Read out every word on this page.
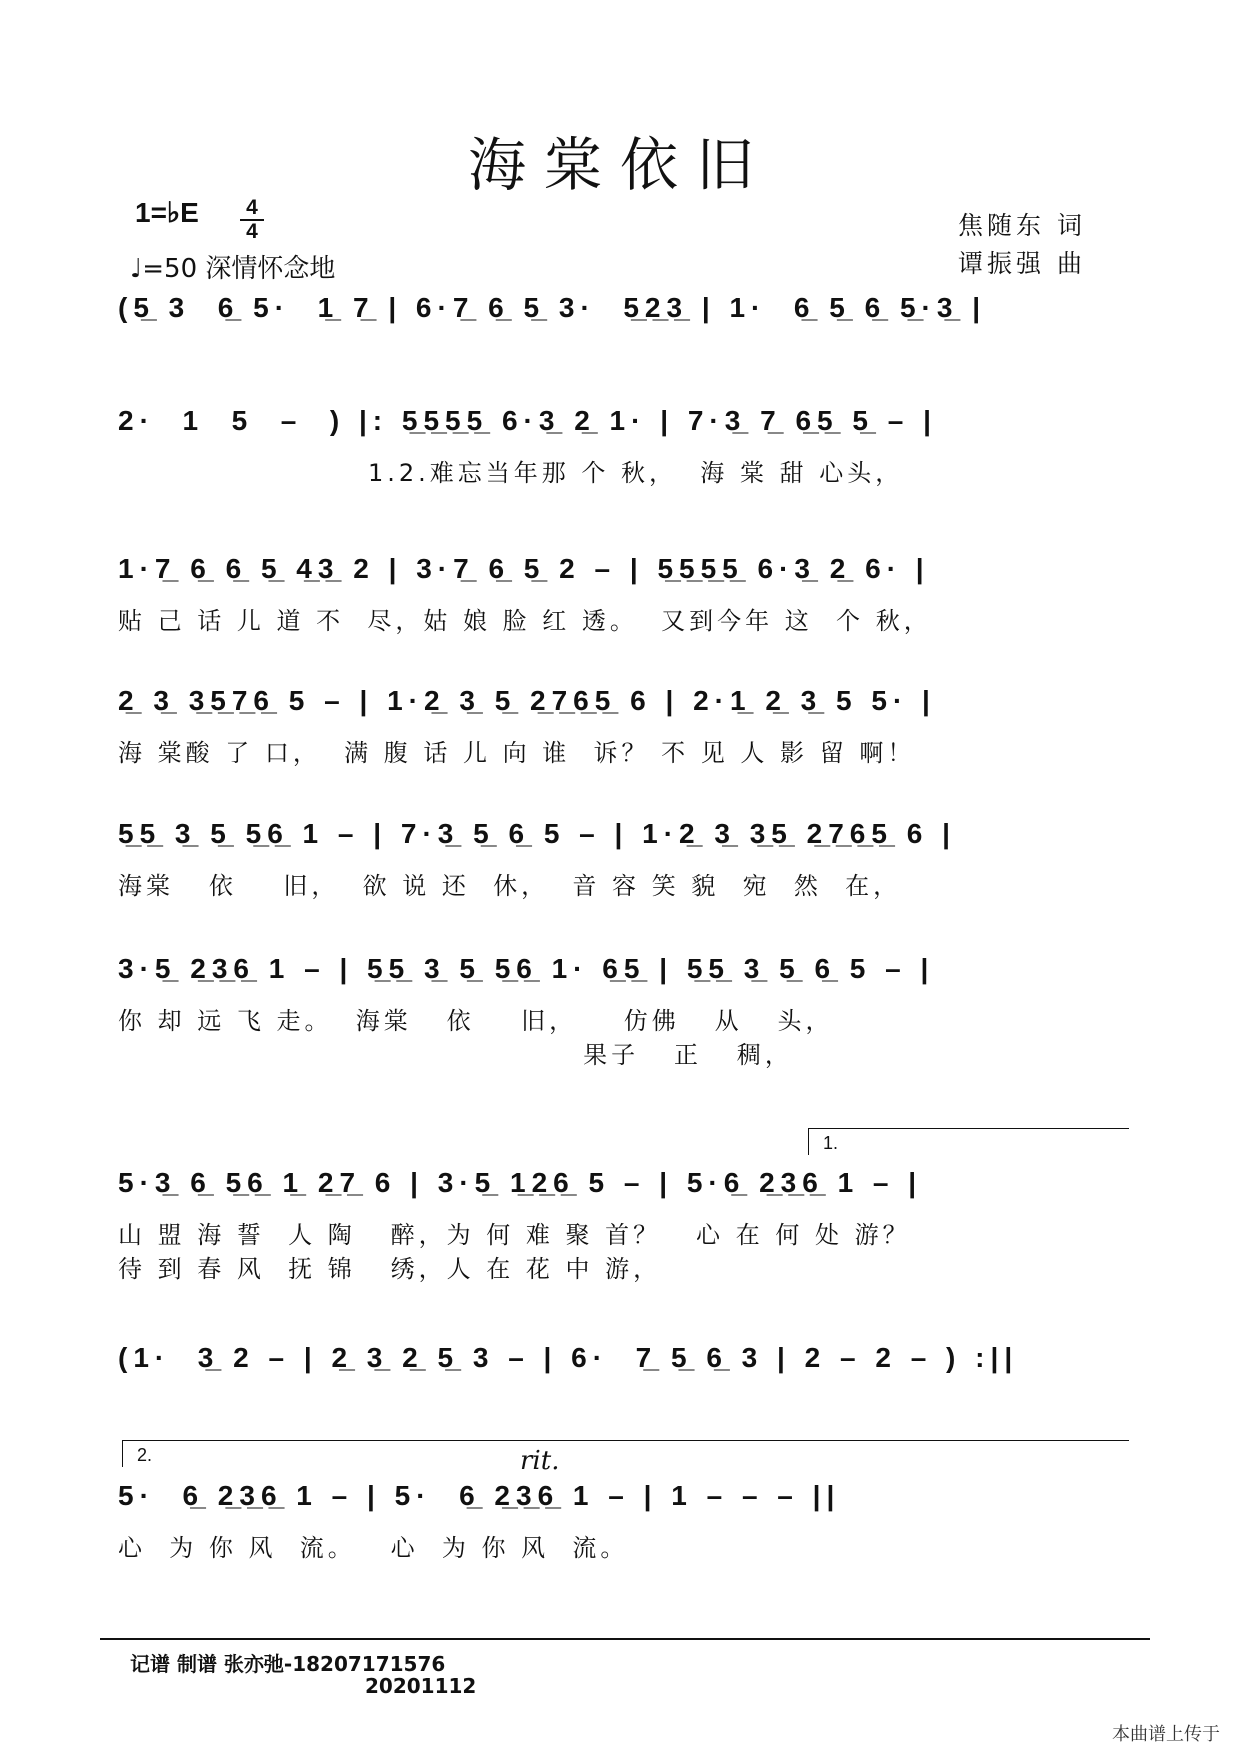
海棠依旧
1=♭E 4
4
♩=50 深情怀念地
焦随东 词
谭振强 曲
(5̲ 3  6̲ 5·  1̲ 7̲ | 6·7̲ 6̲ 5̲ 3·  5̲2̲3̲ | 1·  6̲ 5̲ 6̲ 5̲·3̲ |
2·  1  5  –  ) |: 5̲5̲5̲5̲ 6·3̲ 2̲ 1· | 7·3̲ 7̲ 6̲5̲ 5̲ – |
1.2.难忘当年那 个 秋，  海 棠 甜 心头，
1·7̲ 6̲ 6̲ 5̲ 4̲3̲ 2 | 3·7̲ 6̲ 5̲ 2 – | 5̲5̲5̲5̲ 6·3̲ 2̲ 6· |
贴 己 话 儿 道 不  尽，姑 娘 脸 红 透。  又到今年 这  个 秋，
2̲ 3̲ 3̲5̲7̲6̲ 5 – | 1·2̲ 3̲ 5̲ 2̲7̲6̲5̲ 6 | 2·1̲ 2̲ 3̲ 5 5· |
海 棠酸 了 口，  满 腹 话 儿 向 谁  诉？ 不 见 人 影 留 啊！
5̲5̲ 3̲ 5̲ 5̲6̲ 1 – | 7·3̲ 5̲ 6̲ 5 – | 1·2̲ 3̲ 3̲5̲ 2̲7̲6̲5̲ 6 |
海棠   依    旧，  欲 说 还  休，  音 容 笑 貌  宛  然  在，
3·5̲ 2̲3̲6̲ 1 – | 5̲5̲ 3̲ 5̲ 5̲6̲ 1· 6̲5̲ | 5̲5̲ 3̲ 5̲ 6̲ 5 – |
你 却 远 飞 走。  海棠   依    旧，    仿佛   从   头，
果子   正   稠，
1.
5·3̲ 6̲ 5̲6̲ 1̲ 2̲7̲ 6 | 3·5̲ 1̲2̲6̲ 5 – | 5·6̲ 2̲3̲6̲ 1 – |
山 盟 海 誓  人 陶   醉，为 何 难 聚 首？   心 在 何 处 游？
待 到 春 风  抚 锦   绣，人 在 花 中 游，
(1·  3̲ 2 – | 2̲ 3̲ 2̲ 5̲ 3 – | 6·  7̲ 5̲ 6̲ 3 | 2 – 2 – ) :||
2.	rit.
5·  6̲ 2̲3̲6̲ 1 – | 5·  6̲ 2̲3̲6̲ 1 – | 1 – – – ||
心  为 你 风  流。   心  为 你 风  流。
记谱 制谱 张亦弛-18207171576
20201112
本曲谱上传于
